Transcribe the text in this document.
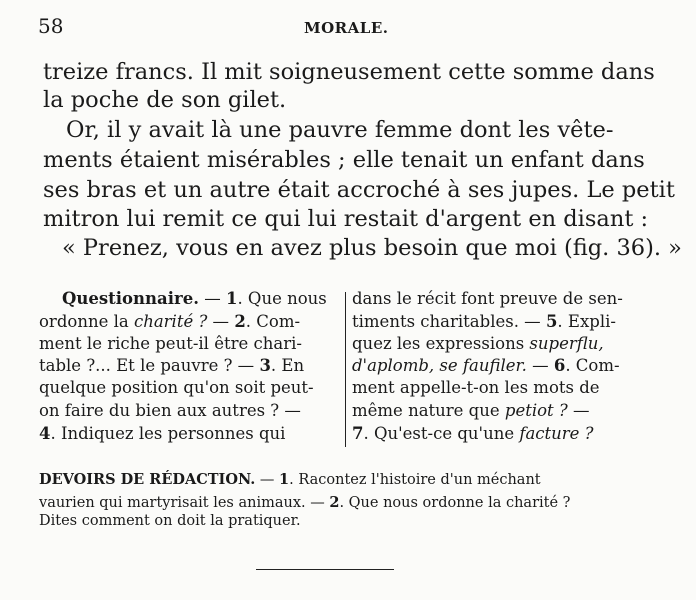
58	MORALE.
treize francs. Il mit soigneusement cette somme dans
la poche de son gilet.
Or, il y avait là une pauvre femme dont les vête-
ments étaient misérables ; elle tenait un enfant dans
ses bras et un autre était accroché à ses jupes. Le petit
mitron lui remit ce qui lui restait d'argent en disant :
« Prenez, vous en avez plus besoin que moi (fig. 36). »
Questionnaire. — 1. Que nous
ordonne la charité ? — 2. Com-
ment le riche peut-il être chari-
table ?... Et le pauvre ? — 3. En
quelque position qu'on soit peut-
on faire du bien aux autres ? —
4. Indiquez les personnes qui
dans le récit font preuve de sen-
timents charitables. — 5. Expli-
quez les expressions superflu,
d'aplomb, se faufiler. — 6. Com-
ment appelle-t-on les mots de
même nature que petiot ? —
7. Qu'est-ce qu'une facture ?
DEVOIRS DE RÉDACTION. — 1. Racontez l'histoire d'un méchant
vaurien qui martyrisait les animaux. — 2. Que nous ordonne la charité ?
Dites comment on doit la pratiquer.
